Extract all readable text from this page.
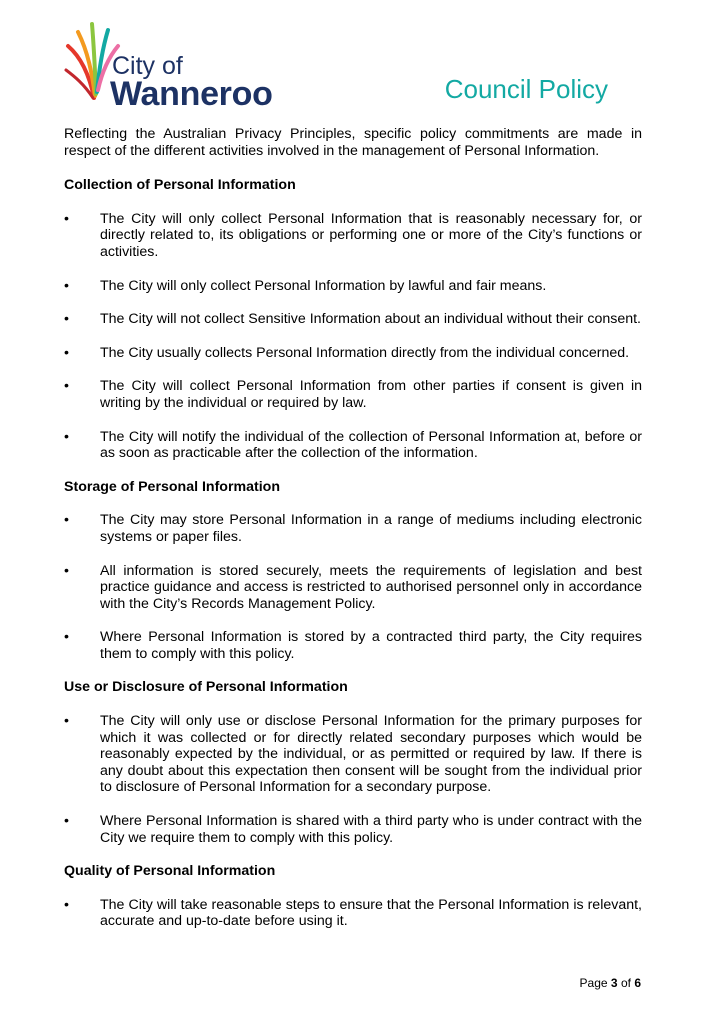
City of
Wanneroo	Council Policy

Reflecting the Australian Privacy Principles, specific policy commitments are made in respect of the different activities involved in the management of Personal Information.

Collection of Personal Information

• The City will only collect Personal Information that is reasonably necessary for, or directly related to, its obligations or performing one or more of the City’s functions or activities.
• The City will only collect Personal Information by lawful and fair means.
• The City will not collect Sensitive Information about an individual without their consent.
• The City usually collects Personal Information directly from the individual concerned.
• The City will collect Personal Information from other parties if consent is given in writing by the individual or required by law.
• The City will notify the individual of the collection of Personal Information at, before or as soon as practicable after the collection of the information.

Storage of Personal Information

• The City may store Personal Information in a range of mediums including electronic systems or paper files.
• All information is stored securely, meets the requirements of legislation and best practice guidance and access is restricted to authorised personnel only in accordance with the City’s Records Management Policy.
• Where Personal Information is stored by a contracted third party, the City requires them to comply with this policy.

Use or Disclosure of Personal Information

• The City will only use or disclose Personal Information for the primary purposes for which it was collected or for directly related secondary purposes which would be reasonably expected by the individual, or as permitted or required by law. If there is any doubt about this expectation then consent will be sought from the individual prior to disclosure of Personal Information for a secondary purpose.
• Where Personal Information is shared with a third party who is under contract with the City we require them to comply with this policy.

Quality of Personal Information

• The City will take reasonable steps to ensure that the Personal Information is relevant, accurate and up-to-date before using it.
Page 3 of 6
